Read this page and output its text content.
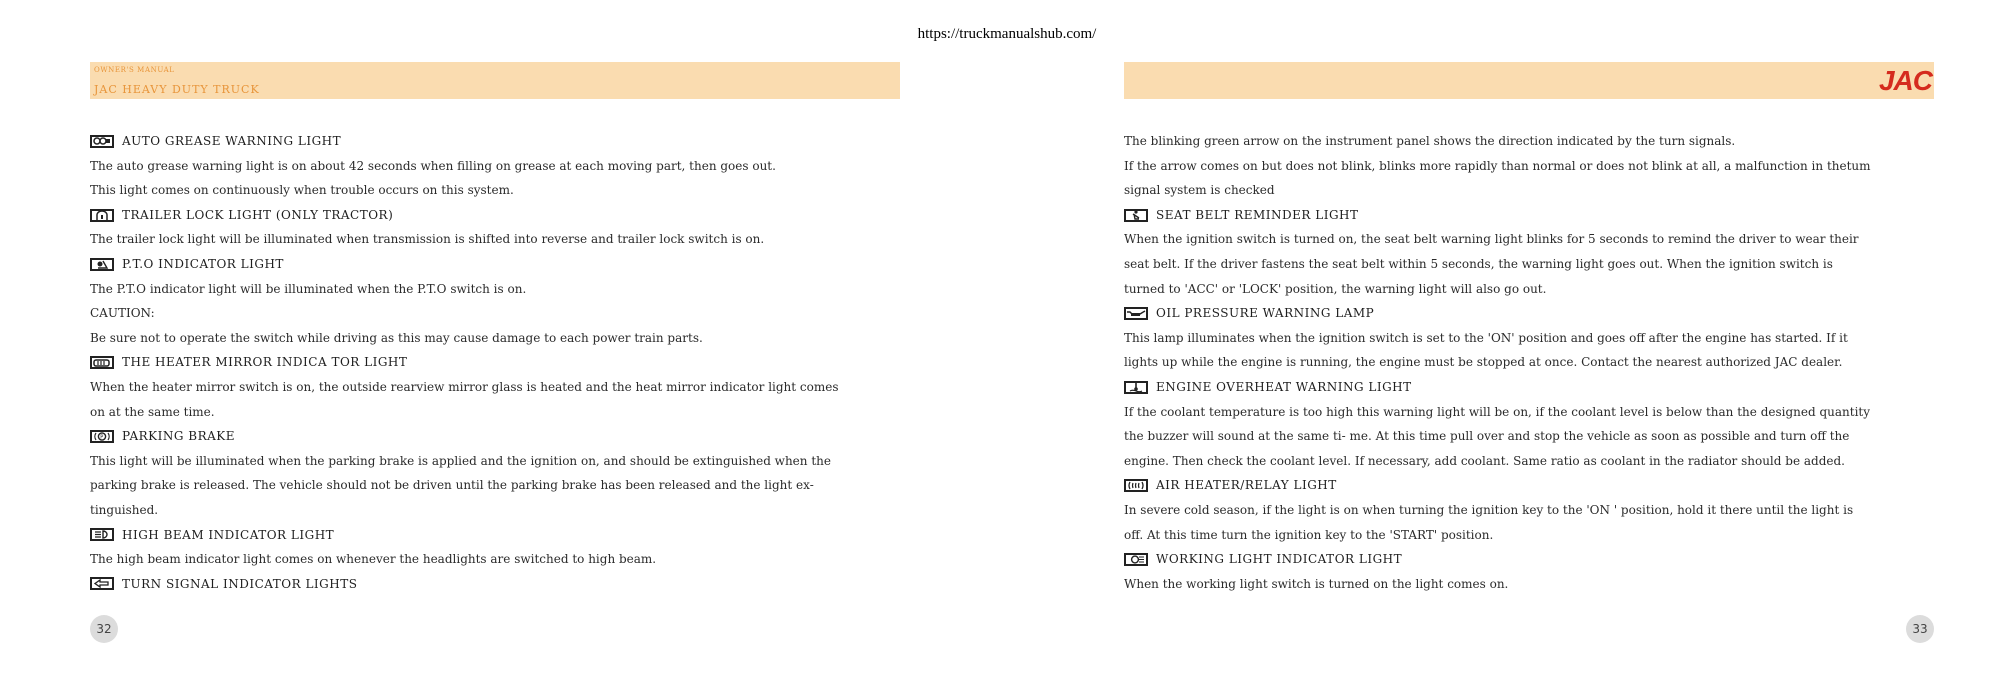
https://truckmanualshub.com/
OWNER'S MANUAL
JAC HEAVY DUTY TRUCK

AUTO GREASE WARNING LIGHT

The auto grease warning light is on about 42 seconds when filling on grease at each moving part, then goes out.

This light comes on continuously when trouble occurs on this system.

TRAILER LOCK LIGHT (ONLY TRACTOR)

The trailer lock light will be illuminated when transmission is shifted into reverse and trailer lock switch is on.

P.T.O INDICATOR LIGHT

The P.T.O indicator light will be illuminated when the P.T.O switch is on.

CAUTION:

Be sure not to operate the switch while driving as this may cause damage to each power train parts.

THE HEATER MIRROR INDICA TOR LIGHT

When the heater mirror switch is on, the outside rearview mirror glass is heated and the heat mirror indicator light comes

on at the same time.

P PARKING BRAKE

This light will be illuminated when the parking brake is applied and the ignition on, and should be extinguished when the

parking brake is released. The vehicle should not be driven until the parking brake has been released and the light ex-

tinguished.

HIGH BEAM INDICATOR LIGHT

The high beam indicator light comes on whenever the headlights are switched to high beam.

TURN SIGNAL INDICATOR LIGHTS

JAC

The blinking green arrow on the instrument panel shows the direction indicated by the turn signals.

If the arrow comes on but does not blink, blinks more rapidly than normal or does not blink at all, a malfunction in thetum

signal system is checked

SEAT BELT REMINDER LIGHT

When the ignition switch is turned on, the seat belt warning light blinks for 5 seconds to remind the driver to wear their

seat belt. If the driver fastens the seat belt within 5 seconds, the warning light goes out. When the ignition switch is

turned to 'ACC' or 'LOCK' position, the warning light will also go out.

OIL PRESSURE WARNING LAMP

This lamp illuminates when the ignition switch is set to the 'ON' position and goes off after the engine has started. If it

lights up while the engine is running, the engine must be stopped at once. Contact the nearest authorized JAC dealer.

ENGINE OVERHEAT WARNING LIGHT

If the coolant temperature is too high this warning light will be on, if the coolant level is below than the designed quantity

the buzzer will sound at the same ti- me. At this time pull over and stop the vehicle as soon as possible and turn off the

engine. Then check the coolant level. If necessary, add coolant. Same ratio as coolant in the radiator should be added.

AIR HEATER/RELAY LIGHT

In severe cold season, if the light is on when turning the ignition key to the 'ON ' position, hold it there until the light is

off. At this time turn the ignition key to the 'START' position.

WORKING LIGHT INDICATOR LIGHT

When the working light switch is turned on the light comes on.

32	33
